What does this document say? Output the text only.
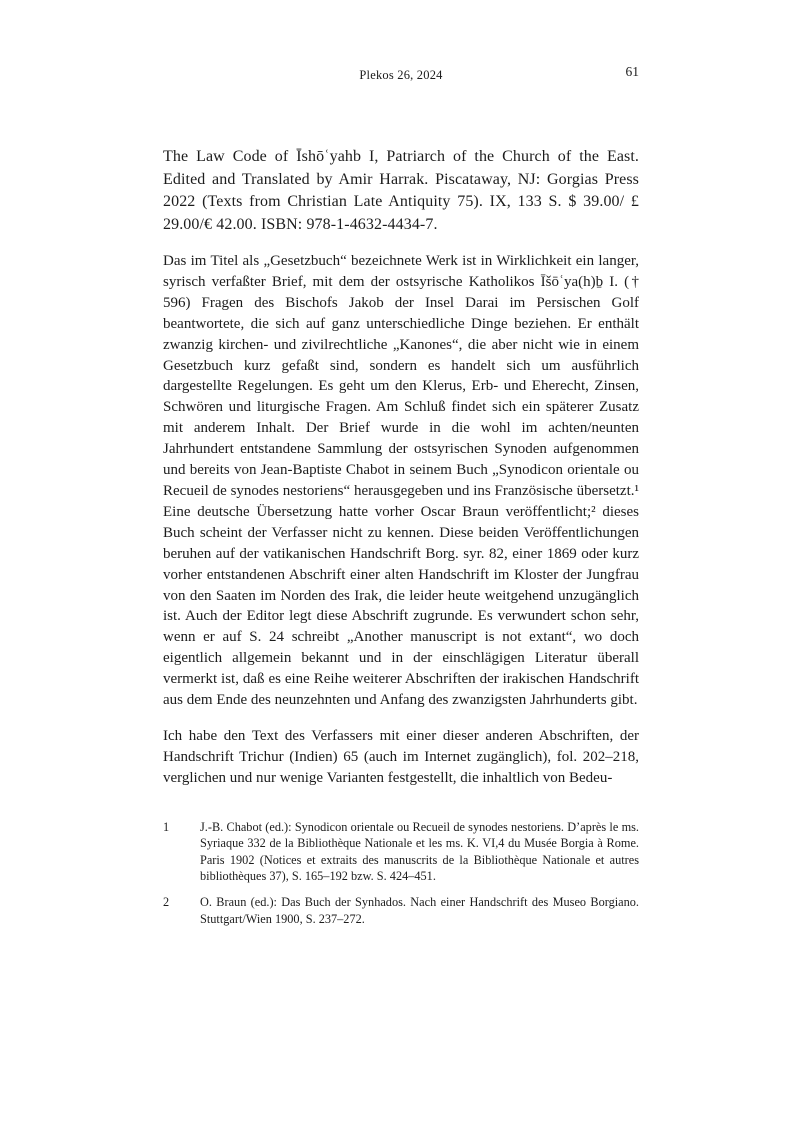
Plekos 26, 2024	61
The Law Code of Īshōʿyahb I, Patriarch of the Church of the East. Edited and Translated by Amir Harrak. Piscataway, NJ: Gorgias Press 2022 (Texts from Christian Late Antiquity 75). IX, 133 S. $ 39.00/ £ 29.00/€ 42.00. ISBN: 978-1-4632-4434-7.
Das im Titel als „Gesetzbuch“ bezeichnete Werk ist in Wirklichkeit ein langer, syrisch verfaßter Brief, mit dem der ostsyrische Katholikos Īšōʿya(h)ḇ I. († 596) Fragen des Bischofs Jakob der Insel Darai im Persischen Golf beantwortete, die sich auf ganz unterschiedliche Dinge beziehen. Er enthält zwanzig kirchen- und zivilrechtliche „Kanones“, die aber nicht wie in einem Gesetzbuch kurz gefaßt sind, sondern es handelt sich um ausführlich dargestellte Regelungen. Es geht um den Klerus, Erb- und Eherecht, Zinsen, Schwören und liturgische Fragen. Am Schluß findet sich ein späterer Zusatz mit anderem Inhalt. Der Brief wurde in die wohl im achten/neunten Jahrhundert entstandene Sammlung der ostsyrischen Synoden aufgenommen und bereits von Jean-Baptiste Chabot in seinem Buch „Synodicon orientale ou Recueil de synodes nestoriens“ herausgegeben und ins Französische übersetzt.¹ Eine deutsche Übersetzung hatte vorher Oscar Braun veröffentlicht;² dieses Buch scheint der Verfasser nicht zu kennen. Diese beiden Veröffentlichungen beruhen auf der vatikanischen Handschrift Borg. syr. 82, einer 1869 oder kurz vorher entstandenen Abschrift einer alten Handschrift im Kloster der Jungfrau von den Saaten im Norden des Irak, die leider heute weitgehend unzugänglich ist. Auch der Editor legt diese Abschrift zugrunde. Es verwundert schon sehr, wenn er auf S. 24 schreibt „Another manuscript is not extant“, wo doch eigentlich allgemein bekannt und in der einschlägigen Literatur überall vermerkt ist, daß es eine Reihe weiterer Abschriften der irakischen Handschrift aus dem Ende des neunzehnten und Anfang des zwanzigsten Jahrhunderts gibt.
Ich habe den Text des Verfassers mit einer dieser anderen Abschriften, der Handschrift Trichur (Indien) 65 (auch im Internet zugänglich), fol. 202–218, verglichen und nur wenige Varianten festgestellt, die inhaltlich von Bedeu-
1	J.-B. Chabot (ed.): Synodicon orientale ou Recueil de synodes nestoriens. D’après le ms. Syriaque 332 de la Bibliothèque Nationale et les ms. K. VI,4 du Musée Borgia à Rome. Paris 1902 (Notices et extraits des manuscrits de la Bibliothèque Nationale et autres bibliothèques 37), S. 165–192 bzw. S. 424–451.
2	O. Braun (ed.): Das Buch der Synhados. Nach einer Handschrift des Museo Borgiano. Stuttgart/Wien 1900, S. 237–272.
